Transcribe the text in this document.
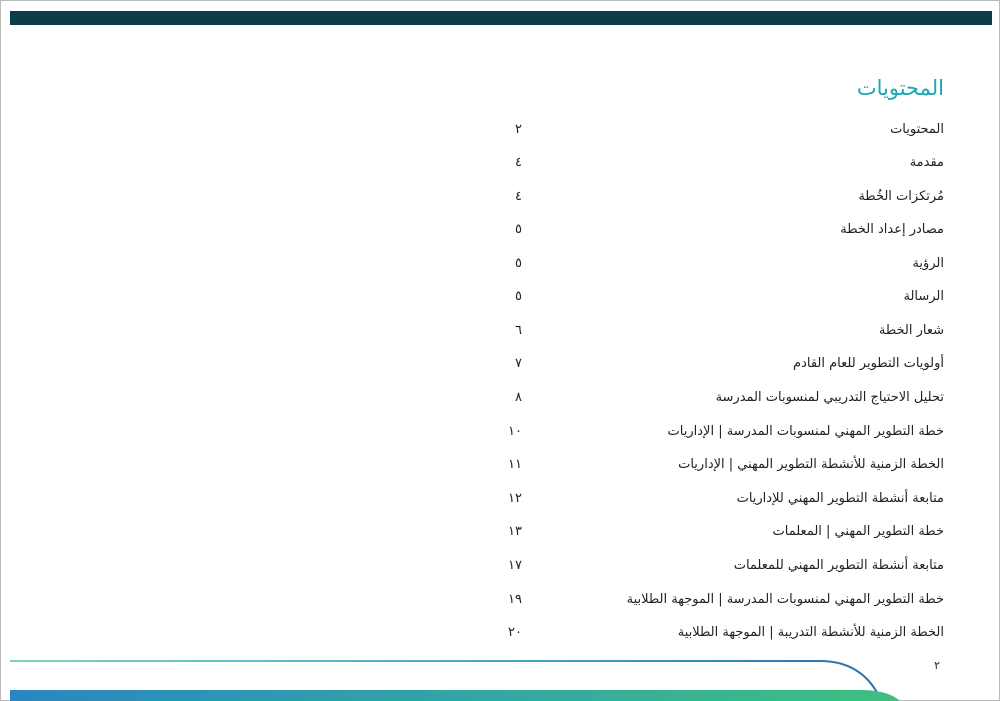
المحتويات
المحتويات
٢
مقدمة
٤
مُرتكزات الخُطة
٤
مصادر إعداد الخطة
٥
الرؤية
٥
الرسالة
٥
شعار الخطة
٦
أولويات التطوير للعام القادم
٧
تحليل الاحتياج التدريبي لمنسوبات المدرسة
٨
خطة التطوير المهني لمنسوبات المدرسة | الإداريات
١٠
الخطة الزمنية للأنشطة التطوير المهني | الإداريات
١١
متابعة أنشطة التطوير المهني للإداريات
١٢
خطة التطوير المهني | المعلمات
١٣
متابعة أنشطة التطوير المهني للمعلمات
١٧
خطة التطوير المهني لمنسوبات المدرسة | الموجهة الطلابية
١٩
الخطة الزمنية للأنشطة التدريبة | الموجهة الطلابية
٢٠
٢
